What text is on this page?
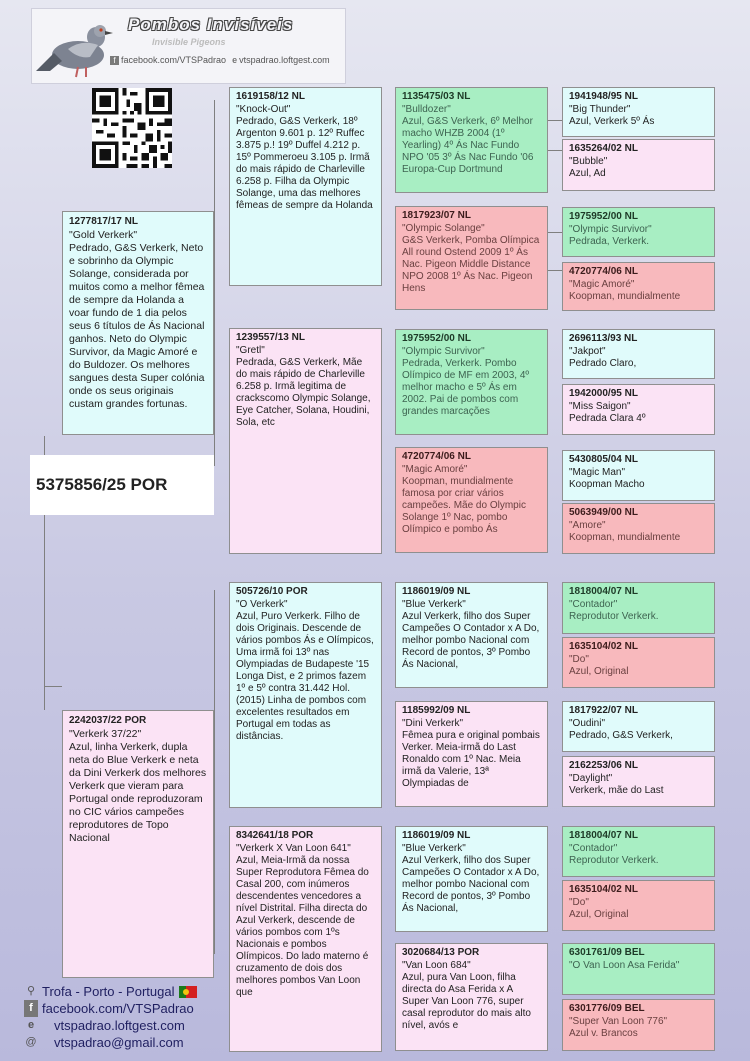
Pombos Invisíveis
Invisible Pigeons
f facebook.com/VTSPadrao e vtspadrao.loftgest.com
5375856/25 POR
1277817/17 NL
"Gold Verkerk"
Pedrado, G&S Verkerk, Neto e sobrinho da Olympic Solange, considerada por muitos como a melhor fêmea de sempre da Holanda a voar fundo de 1 dia pelos seus 6 títulos de Ás Nacional ganhos. Neto do Olympic Survivor, da Magic Amoré e do Buldozer. Os melhores sangues desta Super colónia onde os seus originais custam grandes fortunas.
2242037/22 POR
"Verkerk 37/22"
Azul, linha Verkerk, dupla neta do Blue Verkerk e neta da Dini Verkerk dos melhores Verkerk que vieram para Portugal onde reproduzoram no CIC vários campeões reprodutores de Topo Nacional
1619158/12 NL
"Knock-Out"
Pedrado, G&S Verkerk, 18º Argenton 9.601 p. 12º Ruffec 3.875 p.! 19º Duffel 4.212 p. 15º Pommeroeu 3.105 p. Irmã do mais rápido de Charleville 6.258 p. Filha da Olympic Solange, uma das melhores fêmeas de sempre da Holanda
1239557/13 NL
"Gretl"
Pedrada, G&S Verkerk, Mãe do mais rápido de Charleville 6.258 p. Irmã legitima de crackscomo Olympic Solange, Eye Catcher, Solana, Houdini, Sola, etc
505726/10 POR
"O Verkerk"
Azul, Puro Verkerk. Filho de dois Originais. Descende de vários pombos Ás e Olímpicos, Uma irmã foi 13º nas Olympiadas de Budapeste '15 Longa Dist, e 2 primos fazem 1º e 5º contra 31.442 Hol. (2015) Linha de pombos com excelentes resultados em Portugal em todas as distâncias.
8342641/18 POR
"Verkerk X Van Loon 641"
Azul, Meia-Irmã da nossa Super Reprodutora Fêmea do Casal 200, com inúmeros descendentes vencedores a nível Distrital. Filha directa do Azul Verkerk, descende de vários pombos com 1ºs Nacionais e pombos Olímpicos. Do lado materno é cruzamento de dois dos melhores pombos Van Loon que
1135475/03 NL
"Bulldozer"
Azul, G&S Verkerk, 6º Melhor macho WHZB 2004 (1º Yearling) 4º Ás Nac Fundo NPO '05 3º Ás Nac Fundo '06 Europa-Cup Dortmund
1817923/07 NL
"Olympic Solange"
G&S Verkerk, Pomba Olímpica All round Ostend 2009 1º Ás Nac. Pigeon Middle Distance NPO 2008 1º Ás Nac. Pigeon Hens
1975952/00 NL
"Olympic Survivor"
Pedrada, Verkerk. Pombo Olímpico de MF em 2003, 4º melhor macho e 5º Ás em 2002. Pai de pombos com grandes marcações
4720774/06 NL
"Magic Amoré"
Koopman, mundialmente famosa por criar vários campeões. Mãe do Olympic Solange 1º Nac, pombo Olímpico e pombo Ás
1186019/09 NL
"Blue Verkerk"
Azul Verkerk, filho dos Super Campeões O Contador x A Do, melhor pombo Nacional com Record de pontos, 3º Pombo Ás Nacional,
1185992/09 NL
"Dini Verkerk"
Fêmea pura e original pombais Verker. Meia-irmã do Last Ronaldo com 1º Nac. Meia irmã da Valerie, 13ª Olympiadas de
1186019/09 NL
"Blue Verkerk"
Azul Verkerk, filho dos Super Campeões O Contador x A Do, melhor pombo Nacional com Record de pontos, 3º Pombo Ás Nacional,
3020684/13 POR
"Van Loon 684"
Azul, pura Van Loon, filha directa do Asa Ferida x A Super Van Loon 776, super casal reprodutor do mais alto nível, avós e
1941948/95 NL
"Big Thunder"
Azul, Verkerk 5º Ás
1635264/02 NL
"Bubble"
Azul, Ad
1975952/00 NL
"Olympic Survivor"
Pedrada, Verkerk.
4720774/06 NL
"Magic Amoré"
Koopman, mundialmente
2696113/93 NL
"Jakpot"
Pedrado Claro,
1942000/95 NL
"Miss Saigon"
Pedrada Clara 4º
5430805/04 NL
"Magic Man"
Koopman Macho
5063949/00 NL
"Amore"
Koopman, mundialmente
1818004/07 NL
"Contador"
Reprodutor Verkerk.
1635104/02 NL
"Do"
Azul, Original
1817922/07 NL
"Oudini"
Pedrado, G&S Verkerk,
2162253/06 NL
"Daylight"
Verkerk, mãe do Last
1818004/07 NL
"Contador"
Reprodutor Verkerk.
1635104/02 NL
"Do"
Azul, Original
6301761/09 BEL
"O Van Loon Asa Ferida"
6301776/09 BEL
"Super Van Loon 776"
Azul v. Brancos
⚲ Trofa - Porto - Portugal
f facebook.com/VTSPadrao
e	vtspadrao.loftgest.com
@ vtspadrao@gmail.com
